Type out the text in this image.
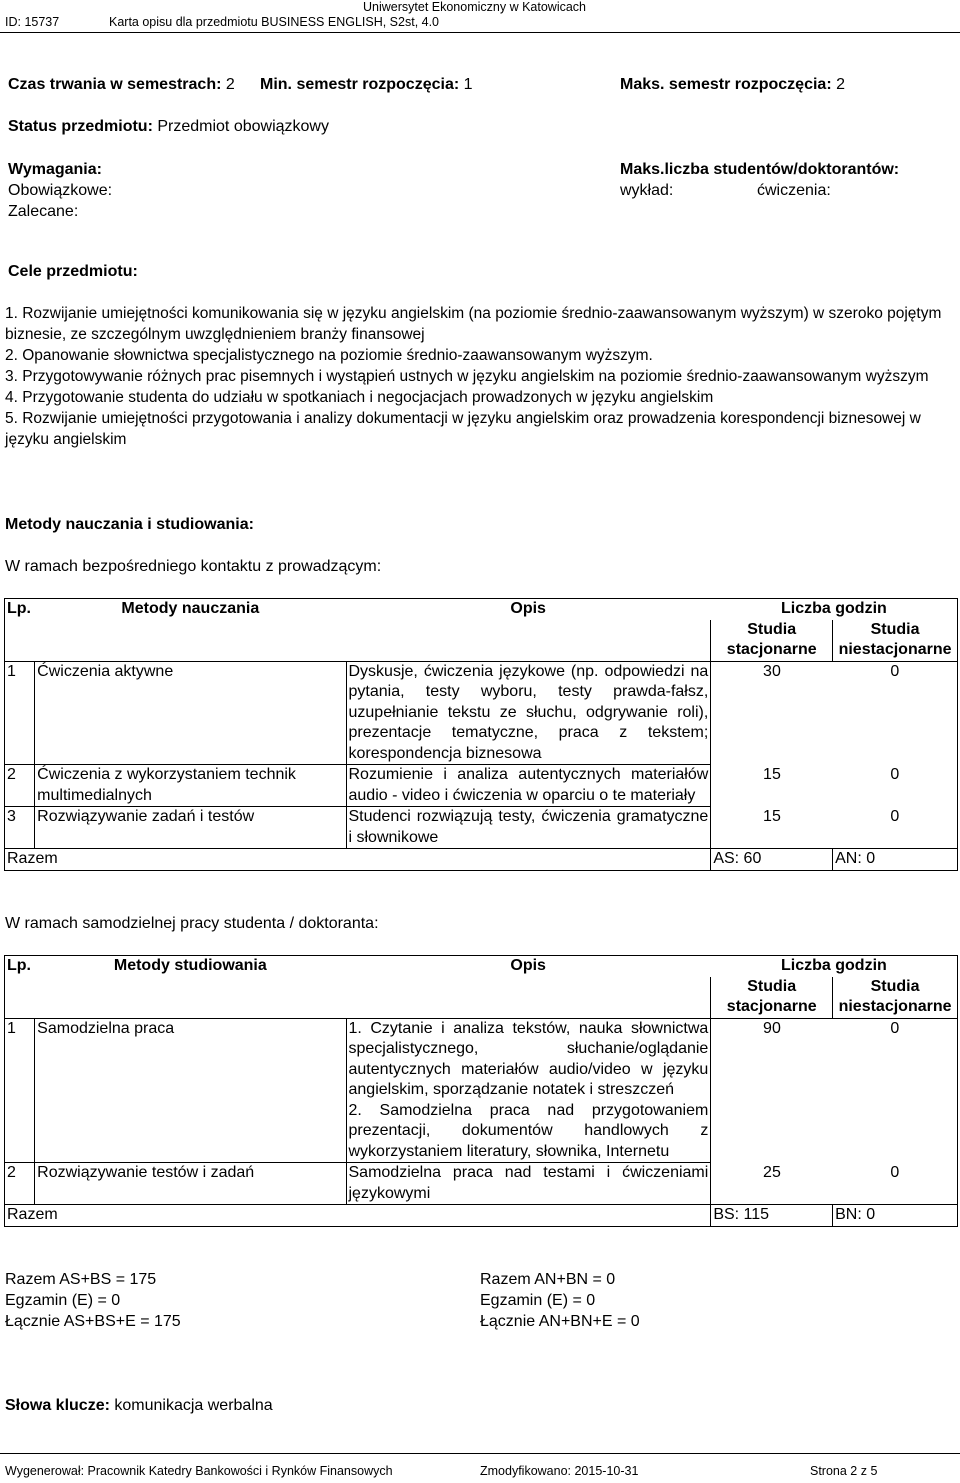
Uniwersytet Ekonomiczny w Katowicach
ID: 15737	Karta opisu dla przedmiotu BUSINESS ENGLISH, S2st, 4.0
Czas trwania w semestrach: 2 Min. semestr rozpoczęcia: 1	Maks. semestr rozpoczęcia: 2
Status przedmiotu: Przedmiot obowiązkowy
Wymagania:
Obowiązkowe:
Zalecane:
Maks.liczba studentów/doktorantów:
wykład:	ćwiczenia:
Cele przedmiotu:
1. Rozwijanie umiejętności komunikowania się w języku angielskim (na poziomie średnio-zaawansowanym wyższym) w szeroko pojętym biznesie, ze szczególnym uwzględnieniem branży finansowej
2. Opanowanie słownictwa specjalistycznego na poziomie średnio-zaawansowanym wyższym.
3. Przygotowywanie różnych prac pisemnych i wystąpień ustnych w języku angielskim na poziomie średnio-zaawansowanym wyższym
4. Przygotowanie studenta do udziału w spotkaniach i negocjacjach prowadzonych w języku angielskim
5. Rozwijanie umiejętności przygotowania i analizy dokumentacji w języku angielskim oraz prowadzenia korespondencji biznesowej w języku angielskim
Metody nauczania i studiowania:
W ramach bezpośredniego kontaktu z prowadzącym:
Lp.	Metody nauczania	Opis	Liczba godzin	
			Studia stacjonarne	Studia niestacjonarne
1	Ćwiczenia aktywne	Dyskusje, ćwiczenia językowe (np. odpowiedzi na pytania, testy wyboru, testy prawda-fałsz, uzupełnianie tekstu ze słuchu, odgrywanie roli), prezentacje tematyczne, praca z tekstem; korespondencja biznesowa	30	0
2	Ćwiczenia z wykorzystaniem technik multimedialnych	Rozumienie i analiza autentycznych materiałów audio - video i ćwiczenia w oparciu o te materiały	15	0
3	Rozwiązywanie zadań i testów	Studenci rozwiązują testy, ćwiczenia gramatyczne i słownikowe	15	0
Razem			AS: 60	AN: 0
W ramach samodzielnej pracy studenta / doktoranta:
Lp.	Metody studiowania	Opis	Liczba godzin	
			Studia stacjonarne	Studia niestacjonarne
1	Samodzielna praca	1. Czytanie i analiza tekstów, nauka słownictwa specjalistycznego, słuchanie/oglądanie autentycznych materiałów audio/video w języku angielskim, sporządzanie notatek i streszczeń
2. Samodzielna praca nad przygotowaniem prezentacji, dokumentów handlowych z wykorzystaniem literatury, słownika, Internetu	90	0
2	Rozwiązywanie testów i zadań	Samodzielna praca nad testami i ćwiczeniami językowymi	25	0
Razem			BS: 115	BN: 0
Razem AS+BS = 175
Egzamin (E) = 0
Łącznie AS+BS+E = 175
Razem AN+BN = 0
Egzamin (E) = 0
Łącznie AN+BN+E = 0
Słowa klucze: komunikacja werbalna
Wygenerował: Pracownik Katedry Bankowości i Rynków Finansowych	Zmodyfikowano: 2015-10-31	Strona 2 z 5
